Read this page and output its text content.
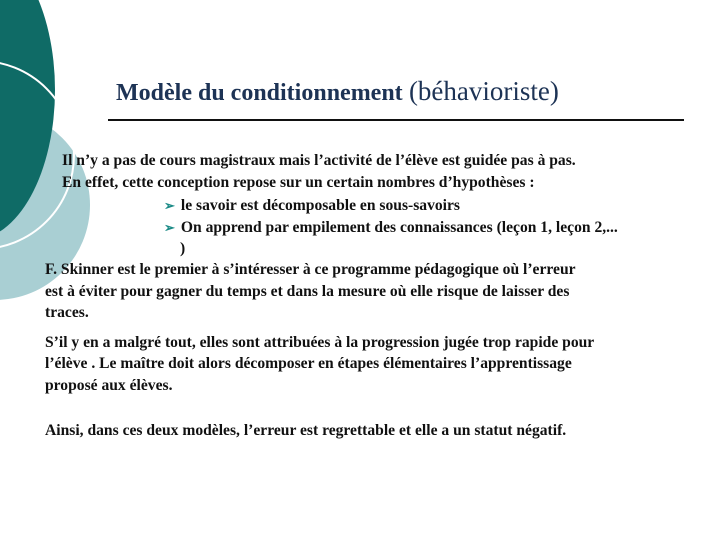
Modèle du conditionnement (béhavioriste)

Il n’y a pas de cours magistraux mais l’activité de l’élève est guidée pas à pas.

En effet, cette conception repose sur un certain nombres d’hypothèses :

➢ le savoir est décomposable en sous-savoirs
➢ On apprend par empilement des connaissances (leçon 1, leçon 2,...

)

F. Skinner est le premier à s’intéresser à ce programme pédagogique où l’erreur

est à éviter pour gagner du temps et dans la mesure où elle risque de laisser des

traces.

S’il y en a malgré tout, elles sont attribuées à la progression jugée trop rapide pour

l’élève . Le maître doit alors décomposer en étapes élémentaires l’apprentissage

proposé aux élèves.

Ainsi, dans ces deux modèles, l’erreur est regrettable et elle a un statut négatif.
